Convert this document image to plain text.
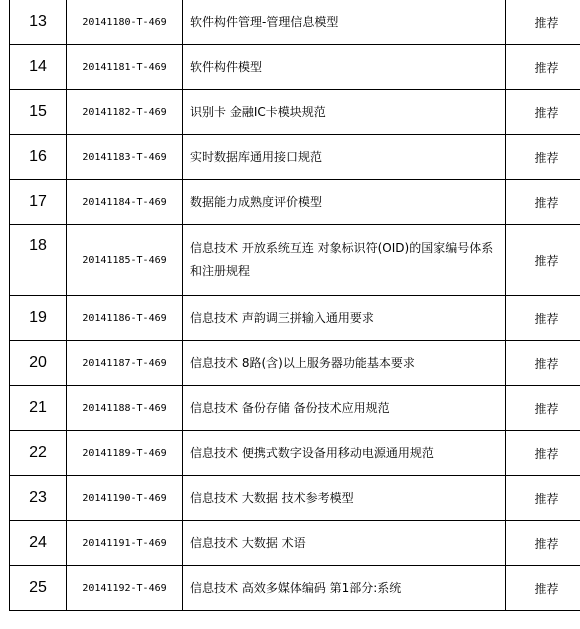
13	20141180-T-469	软件构件管理-管理信息模型	推荐
14	20141181-T-469	软件构件模型	推荐
15	20141182-T-469	识别卡 金融IC卡模块规范	推荐
16	20141183-T-469	实时数据库通用接口规范	推荐
17	20141184-T-469	数据能力成熟度评价模型	推荐
18	20141185-T-469	信息技术 开放系统互连 对象标识符(OID)的国家编号体系和注册规程	推荐
19	20141186-T-469	信息技术 声韵调三拼输入通用要求	推荐
20	20141187-T-469	信息技术 8路(含)以上服务器功能基本要求	推荐
21	20141188-T-469	信息技术 备份存储 备份技术应用规范	推荐
22	20141189-T-469	信息技术 便携式数字设备用移动电源通用规范	推荐
23	20141190-T-469	信息技术 大数据 技术参考模型	推荐
24	20141191-T-469	信息技术 大数据 术语	推荐
25	20141192-T-469	信息技术 高效多媒体编码 第1部分:系统	推荐
